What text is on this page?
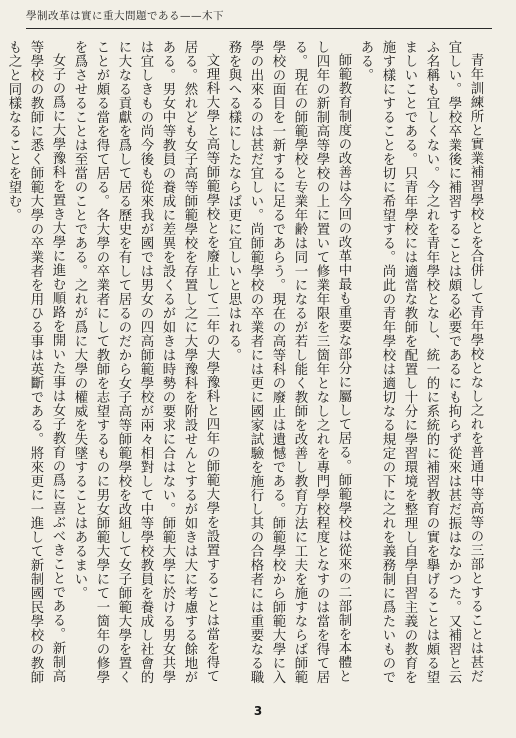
學制改革は實に重大問題である——木下

青年訓練所と實業補習學校とを合併して青年學校となし之れを普通中等高等の三部とすることは甚だ宜しい。學校卒業後に補習することは頗る必要であるにも拘らず從來は甚だ振はなかつた。又補習と云ふ名稱も宜しくない。今之れを青年學校となし、統一的に系統的に補習教育の實を擧げることは頗る望ましいことである。只青年學校には適當な教師を配置し十分に學習環境を整理し自學自習主義の教育を施す樣にすることを切に希望する。尚此の青年學校は適切なる規定の下に之れを義務制に爲たいものである。

師範教育制度の改善は今回の改革中最も重要な部分に屬して居る。師範學校は從來の二部制を本體とし四年の新制高等學校の上に置いて修業年限を三箇年となし之れを專門學校程度となすのは當を得て居る。現在の師範學校と专業年齢は同一になるが若し能く教師を改善し教育方法に工夫を施すならば師範學校の面目を一新するに足るであらう。現在の高等科の廢止は遺憾である。師範學校から師範大學に入學の出來るのは甚だ宜しい。尚師範學校の卒業者には更に國家試驗を施行し其の合格者には重要なる職務を與へる樣にしたならば更に宜しいと思はれる。

文理科大學と高等師範學校とを廢止して二年の大學豫科と四年の師範大學を設置することは當を得て居る。然れども女子高等師範學校を存置し之に大學豫科を附設せんとするが如きは大に考慮する餘地がある。男女中等教員の養成に差異を設くるが如きは時勢の要求に合はない。師範大學に於ける男女共學は宜しきもの尚今後も從來我が國では男女の四高師範學校が兩々相對して中等學校教員を養成し社會的に大なる貢獻を爲して居る歷史を有して居るのだから女子高等師範學校を改組して女子師範大學を置くことが頗る當を得て居る。各大學の卒業者にして教師を志望するものに男女師範大學にて一箇年の修學を爲させることは至當のことである。之れが爲に大學の權威を失墜することはあるまい。

女子の爲に大學豫科を置き大學に進む順路を開いた事は女子教育の爲に喜ぶべきことである。新制高等學校の教師に悉く師範大學の卒業者を用ひる事は英斷である。將來更に一進して新制國民學校の教師も之と同樣なることを望む。

3
